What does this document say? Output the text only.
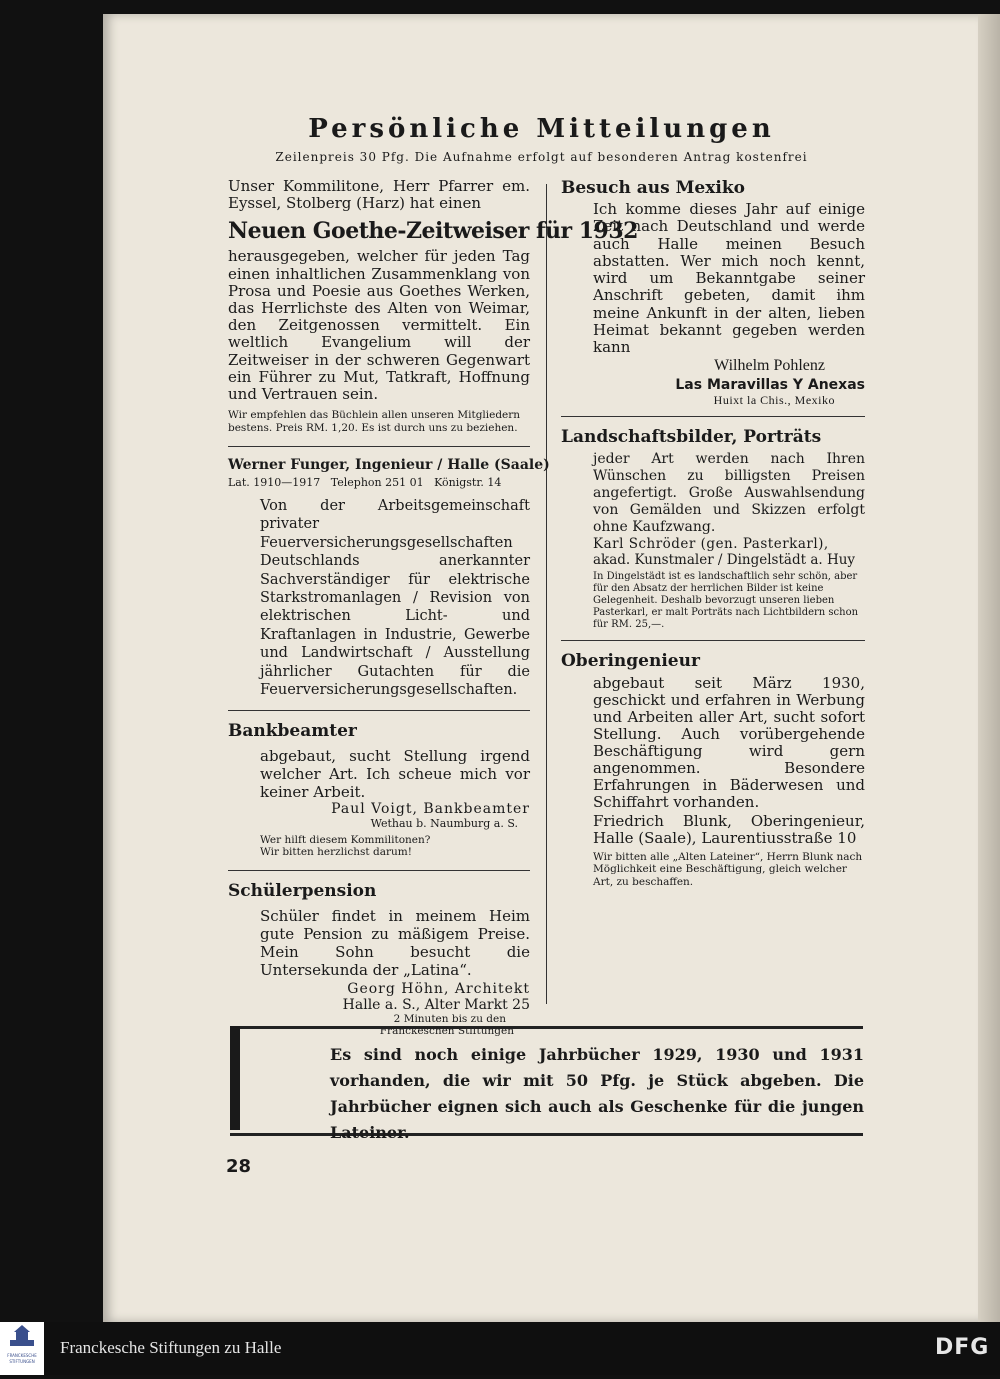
Persönliche Mitteilungen
Zeilenpreis 30 Pfg. Die Aufnahme erfolgt auf besonderen Antrag kostenfrei

Unser Kommilitone, Herr Pfarrer em. Eyssel, Stolberg (Harz) hat einen

Neuen Goethe-Zeitweiser für 1932

herausgegeben, welcher für jeden Tag einen inhaltlichen Zusammenklang von Prosa und Poesie aus Goethes Werken, das Herrlichste des Alten von Weimar, den Zeitgenossen vermittelt. Ein weltlich Evangelium will der Zeitweiser in der schweren Gegenwart ein Führer zu Mut, Tatkraft, Hoffnung und Vertrauen sein.

Wir empfehlen das Büchlein allen unseren Mitgliedern bestens. Preis RM. 1,20. Es ist durch uns zu beziehen.

Werner Funger, Ingenieur / Halle (Saale)
Lat. 1910—1917   Telephon 251 01   Königstr. 14

Von der Arbeitsgemeinschaft privater Feuerversicherungsgesellschaften Deutschlands anerkannter Sachverständiger für elektrische Starkstromanlagen / Revision von elektrischen Licht- und Kraftanlagen in Industrie, Gewerbe und Landwirtschaft / Ausstellung jährlicher Gutachten für die Feuerversicherungsgesellschaften.

Bankbeamter

abgebaut, sucht Stellung irgend welcher Art. Ich scheue mich vor keiner Arbeit.

Paul Voigt, Bankbeamter
Wethau b. Naumburg a. S.

Wer hilft diesem Kommilitonen?

Wir bitten herzlichst darum!

Schülerpension

Schüler findet in meinem Heim gute Pension zu mäßigem Preise. Mein Sohn besucht die Untersekunda der „Latina“.

Georg Höhn, Architekt
Halle a. S., Alter Markt 25
2 Minuten bis zu den
Franckeschen Stiftungen
Besuch aus Mexiko

Ich komme dieses Jahr auf einige Zeit nach Deutschland und werde auch Halle meinen Besuch abstatten. Wer mich noch kennt, wird um Bekanntgabe seiner Anschrift gebeten, damit ihm meine Ankunft in der alten, lieben Heimat bekannt gegeben werden kann

Wilhelm Pohlenz
Las Maravillas Y Anexas
Huixt la Chis., Mexiko
Landschaftsbilder, Porträts

jeder Art werden nach Ihren Wünschen zu billigsten Preisen angefertigt. Große Auswahlsendung von Gemälden und Skizzen erfolgt ohne Kaufzwang.

Karl Schröder (gen. Pasterkarl),
akad. Kunstmaler / Dingelstädt a. Huy

In Dingelstädt ist es landschaftlich sehr schön, aber für den Absatz der herrlichen Bilder ist keine Gelegenheit. Deshalb bevorzugt unseren lieben Pasterkarl, er malt Porträts nach Lichtbildern schon für RM. 25,—.

Oberingenieur

abgebaut seit März 1930, geschickt und erfahren in Werbung und Arbeiten aller Art, sucht sofort Stellung. Auch vorübergehende Beschäftigung wird gern angenommen. Besondere Erfahrungen in Bäderwesen und Schiffahrt vorhanden.

Friedrich Blunk, Oberingenieur, Halle (Saale), Laurentiusstraße 10

Wir bitten alle „Alten Lateiner“, Herrn Blunk nach Möglichkeit eine Beschäftigung, gleich welcher Art, zu beschaffen.

Es sind noch einige Jahrbücher 1929, 1930 und 1931 vorhanden, die wir mit 50 Pfg. je Stück abgeben. Die Jahrbücher eignen sich auch als Geschenke für die jungen Lateiner.
28
FRANCKESCHE
STIFTUNGEN
Franckesche Stiftungen zu Halle	DFG
